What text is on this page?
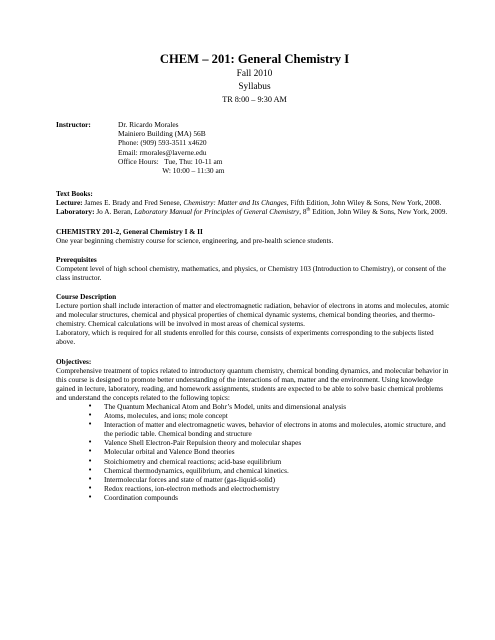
CHEM – 201: General Chemistry I

Fall 2010

Syllabus

TR 8:00 – 9:30 AM

Instructor:	Dr. Ricardo Morales
Mainiero Building (MA) 56B
Phone: (909) 593-3511 x4620
Email: rmorales@laverne.edu
Office Hours:   Tue, Thu: 10-11 am
W: 10:00 – 11:30 am
Text Books:
Lecture: James E. Brady and Fred Senese, Chemistry: Matter and Its Changes, Fifth Edition, John Wiley & Sons, New York, 2008.
Laboratory: Jo A. Beran, Laboratory Manual for Principles of General Chemistry, 8th Edition, John Wiley & Sons, New York, 2009.
CHEMISTRY 201-2, General Chemistry I & II
One year beginning chemistry course for science, engineering, and pre-health science students.
Prerequisites
Competent level of high school chemistry, mathematics, and physics, or Chemistry 103 (Introduction to Chemistry), or consent of the class instructor.
Course Description
Lecture portion shall include interaction of matter and electromagnetic radiation, behavior of electrons in atoms and molecules, atomic and molecular structures, chemical and physical properties of chemical dynamic systems, chemical bonding theories, and thermo-chemistry. Chemical calculations will be involved in most areas of chemical systems.
Laboratory, which is required for all students enrolled for this course, consists of experiments corresponding to the subjects listed above.
Objectives:
Comprehensive treatment of topics related to introductory quantum chemistry, chemical bonding dynamics, and molecular behavior in this course is designed to promote better understanding of the interactions of man, matter and the environment. Using knowledge gained in lecture, laboratory, reading, and homework assignments, students are expected to be able to solve basic chemical problems and understand the concepts related to the following topics:
• The Quantum Mechanical Atom and Bohr’s Model, units and dimensional analysis
• Atoms, molecules, and ions; mole concept
• Interaction of matter and electromagnetic waves, behavior of electrons in atoms and molecules, atomic structure, and the periodic table. Chemical bonding and structure
• Valence Shell Electron-Pair Repulsion theory and molecular shapes
• Molecular orbital and Valence Bond theories
• Stoichiometry and chemical reactions; acid-base equilibrium
• Chemical thermodynamics, equilibrium, and chemical kinetics.
• Intermolecular forces and state of matter (gas-liquid-solid)
• Redox reactions, ion-electron methods and electrochemistry
• Coordination compounds
